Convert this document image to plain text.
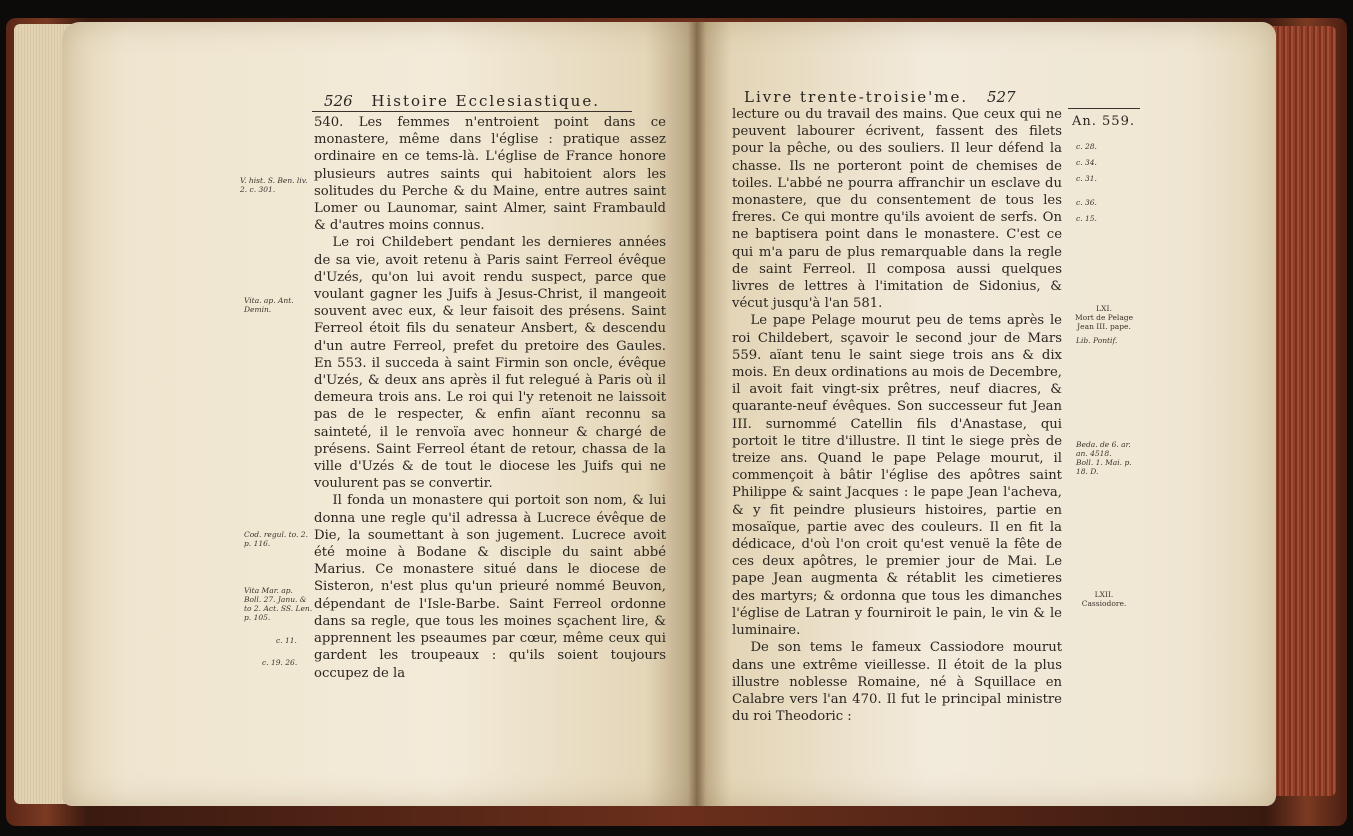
526 Histoire Ecclesiastique.

540. Les femmes n'entroient point dans ce monastere, même dans l'église : pratique assez ordinaire en ce tems-là. L'église de France honore plusieurs autres saints qui habitoient alors les solitudes du Perche & du Maine, entre autres saint Lomer ou Launomar, saint Almer, saint Frambauld & d'autres moins connus.

Le roi Childebert pendant les dernieres années de sa vie, avoit retenu à Paris saint Ferreol évêque d'Uzés, qu'on lui avoit rendu suspect, parce que voulant gagner les Juifs à Jesus-Christ, il mangeoit souvent avec eux, & leur faisoit des présens. Saint Ferreol étoit fils du senateur Ansbert, & descendu d'un autre Ferreol, prefet du pretoire des Gaules. En 553. il succeda à saint Firmin son oncle, évêque d'Uzés, & deux ans après il fut relegué à Paris où il demeura trois ans. Le roi qui l'y retenoit ne laissoit pas de le respecter, & enfin aïant reconnu sa sainteté, il le renvoïa avec honneur & chargé de présens. Saint Ferreol étant de retour, chassa de la ville d'Uzés & de tout le diocese les Juifs qui ne voulurent pas se convertir.

Il fonda un monastere qui portoit son nom, & lui donna une regle qu'il adressa à Lucrece évêque de Die, la soumettant à son jugement. Lucrece avoit été moine à Bodane & disciple du saint abbé Marius. Ce monastere situé dans le diocese de Sisteron, n'est plus qu'un prieuré nommé Beuvon, dépendant de l'Isle-Barbe. Saint Ferreol ordonne dans sa regle, que tous les moines sçachent lire, & apprennent les pseaumes par cœur, même ceux qui gardent les troupeaux : qu'ils soient toujours occupez de la

V. hist. S. Ben. liv.
2. c. 301.
Vita. ap. Ant.
Demin.
Cod. regul. to. 2.
p. 116.
Vita Mar. ap.
Boll. 27. Janu. &
to 2. Act. SS. Len.
p. 105.
c. 11.
c. 19. 26.
Livre trente-troisie'me. 527
An. 559.

lecture ou du travail des mains. Que ceux qui ne peuvent labourer écrivent, fassent des filets pour la pêche, ou des souliers. Il leur défend la chasse. Ils ne porteront point de chemises de toiles. L'abbé ne pourra affranchir un esclave du monastere, que du consentement de tous les freres. Ce qui montre qu'ils avoient de serfs. On ne baptisera point dans le monastere. C'est ce qui m'a paru de plus remarquable dans la regle de saint Ferreol. Il composa aussi quelques livres de lettres à l'imitation de Sidonius, & vécut jusqu'à l'an 581.

Le pape Pelage mourut peu de tems après le roi Childebert, sçavoir le second jour de Mars 559. aïant tenu le saint siege trois ans & dix mois. En deux ordinations au mois de Decembre, il avoit fait vingt-six prêtres, neuf diacres, & quarante-neuf évêques. Son successeur fut Jean III. surnommé Catellin fils d'Anastase, qui portoit le titre d'illustre. Il tint le siege près de treize ans. Quand le pape Pelage mourut, il commençoit à bâtir l'église des apôtres saint Philippe & saint Jacques : le pape Jean l'acheva, & y fit peindre plusieurs histoires, partie en mosaïque, partie avec des couleurs. Il en fit la dédicace, d'où l'on croit qu'est venuë la fête de ces deux apôtres, le premier jour de Mai. Le pape Jean augmenta & rétablit les cimetieres des martyrs; & ordonna que tous les dimanches l'église de Latran y fourniroit le pain, le vin & le luminaire.

De son tems le fameux Cassiodore mourut dans une extrême vieillesse. Il étoit de la plus illustre noblesse Romaine, né à Squillace en Calabre vers l'an 470. Il fut le principal ministre du roi Theodoric :

c. 28.
c. 34.
c. 31.
c. 36.
c. 15.
LXI.
Mort de Pelage
Jean III. pape.
Lib. Pontif.
Beda. de 6. ar.
an. 4518.
Boll. 1. Mai. p.
18. D.
LXII.
Cassiodore.
